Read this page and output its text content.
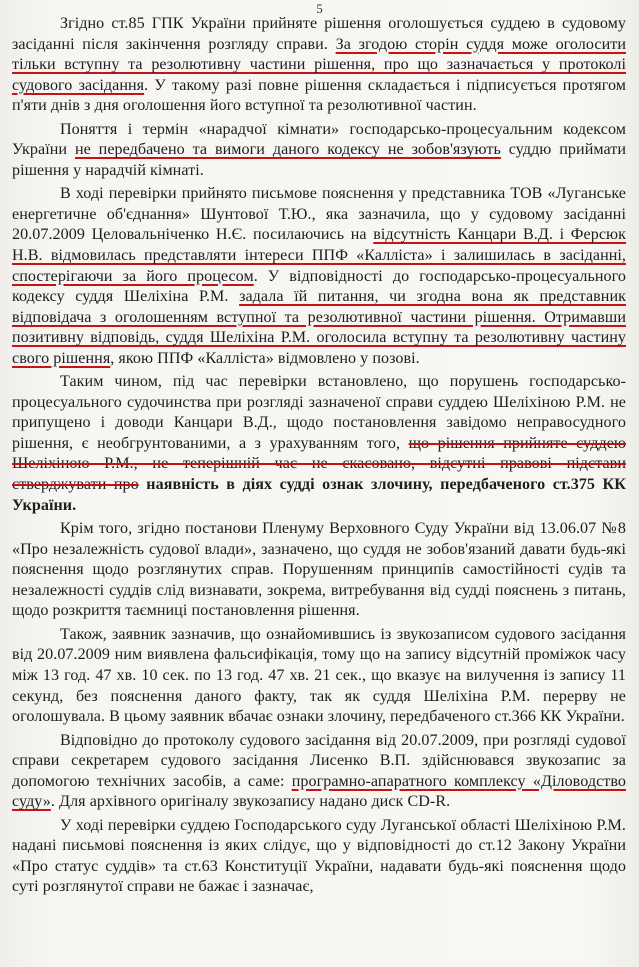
5

Згідно ст.85 ГПК України прийняте рішення оголошується суддею в судовому засіданні після закінчення розгляду справи. За згодою сторін суддя може оголосити тільки вступну та резолютивну частини рішення, про що зазначається у протоколі судового засідання. У такому разі повне рішення складається і підписується протягом п'яти днів з дня оголошення його вступної та резолютивної частин.

Поняття і термін «нарадчої кімнати» господарсько-процесуальним кодексом України не передбачено та вимоги даного кодексу не зобов'язують суддю приймати рішення у нарадчій кімнаті.

В ході перевірки прийнято письмове пояснення у представника ТОВ «Луганське енергетичне об'єднання» Шунтової Т.Ю., яка зазначила, що у судовому засіданні 20.07.2009 Целовальніченко Н.Є. посилаючись на відсутність Канцари В.Д. і Ферсюк Н.В. відмовилась представляти інтереси ППФ «Калліста» і залишилась в засіданні, спостерігаючи за його процесом. У відповідності до господарсько-процесуального кодексу суддя Шеліхіна Р.М. задала їй питання, чи згодна вона як представник відповідача з оголошенням вступної та резолютивної частини рішення. Отримавши позитивну відповідь, суддя Шеліхіна Р.М. оголосила вступну та резолютивну частину свого рішення, якою ППФ «Калліста» відмовлено у позові.

Таким чином, під час перевірки встановлено, що порушень господарсько-процесуального судочинства при розгляді зазначеної справи суддею Шеліхіною Р.М. не припущено і доводи Канцари В.Д., щодо постановлення завідомо неправосудного рішення, є необгрунтованими, а з урахуванням того, що рішення прийняте суддею Шеліхіною Р.М., не теперішній час не скасовано, відсутні правові підстави стверджувати про наявність в діях судді ознак злочину, передбаченого ст.375 КК України.

Крім того, згідно постанови Пленуму Верховного Суду України від 13.06.07 №8 «Про незалежність судової влади», зазначено, що суддя не зобов'язаний давати будь-які пояснення щодо розглянутих справ. Порушенням принципів самостійності судів та незалежності суддів слід визнавати, зокрема, витребування від судді пояснень з питань, щодо розкриття таємниці постановлення рішення.

Також, заявник зазначив, що ознайомившись із звукозаписом судового засідання від 20.07.2009 ним виявлена фальсифікація, тому що на запису відсутній проміжок часу між 13 год. 47 хв. 10 сек. по 13 год. 47 хв. 21 сек., що вказує на вилучення із запису 11 секунд, без пояснення даного факту, так як суддя Шеліхіна Р.М. перерву не оголошувала. В цьому заявник вбачає ознаки злочину, передбаченого ст.366 КК України.

Відповідно до протоколу судового засідання від 20.07.2009, при розгляді судової справи секретарем судового засідання Лисенко В.П. здійснювався звукозапис за допомогою технічних засобів, а саме: програмно-апаратного комплексу «Діловодство суду». Для архівного оригіналу звукозапису надано диск CD-R.

У ході перевірки суддею Господарського суду Луганської області Шеліхіною Р.М. надані письмові пояснення із яких слідує, що у відповідності до ст.12 Закону України «Про статус суддів» та ст.63 Конституції України, надавати будь-які пояснення щодо суті розглянутої справи не бажає і зазначає,
